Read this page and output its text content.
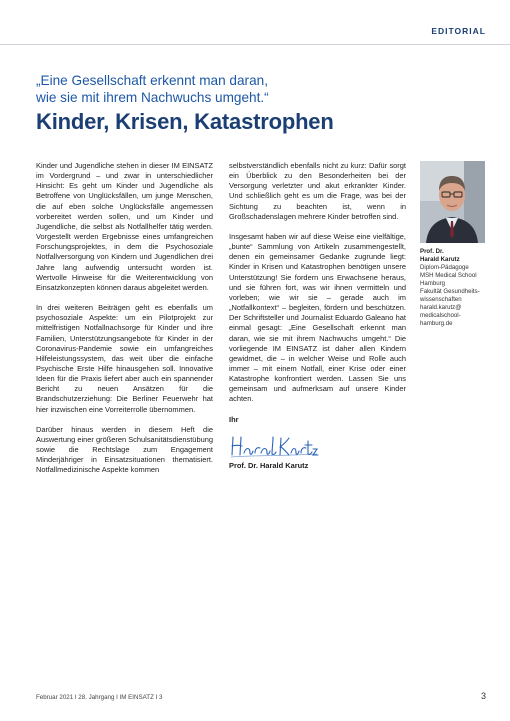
EDITORIAL
„Eine Gesellschaft erkennt man daran,
wie sie mit ihrem Nachwuchs umgeht.“
Kinder, Krisen, Katastrophen

Kinder und Jugendliche stehen in dieser IM EINSATZ im Vordergrund – und zwar in unterschiedlicher Hinsicht: Es geht um Kinder und Jugendliche als Betroffene von Unglücksfällen, um junge Menschen, die auf eben solche Unglücksfälle angemessen vorbereitet werden sollen, und um Kinder und Jugendliche, die selbst als Notfallhelfer tätig werden. Vorgestellt werden Ergebnisse eines umfangreichen Forschungsprojektes, in dem die Psychosoziale Notfallversorgung von Kindern und Jugendlichen drei Jahre lang aufwendig untersucht worden ist. Wertvolle Hinweise für die Weiterentwicklung von Einsatzkonzepten können daraus abgeleitet werden.

In drei weiteren Beiträgen geht es ebenfalls um psychosoziale Aspekte: um ein Pilotprojekt zur mittelfristigen Notfallnachsorge für Kinder und ihre Familien, Unterstützungsangebote für Kinder in der Coronavirus-Pandemie sowie ein umfangreiches Hilfeleistungssystem, das weit über die einfache Psychische Erste Hilfe hinausgehen soll. Innovative Ideen für die Praxis liefert aber auch ein spannender Bericht zu neuen Ansätzen für die Brandschutzerziehung: Die Berliner Feuerwehr hat hier inzwischen eine Vorreiterrolle übernommen.

Darüber hinaus werden in diesem Heft die Auswertung einer größeren Schulsanitätsdienstübung sowie die Rechtslage zum Engagement Minderjähriger in Einsatzsituationen thematisiert. Notfallmedizinische Aspekte kommen

selbstverständlich ebenfalls nicht zu kurz: Dafür sorgt ein Überblick zu den Besonderheiten bei der Versorgung verletzter und akut erkrankter Kinder. Und schließlich geht es um die Frage, was bei der Sichtung zu beachten ist, wenn in Großschadenslagen mehrere Kinder betroffen sind.

Insgesamt haben wir auf diese Weise eine vielfältige, „bunte“ Sammlung von Artikeln zusammengestellt, denen ein gemeinsamer Gedanke zugrunde liegt: Kinder in Krisen und Katastrophen benötigen unsere Unterstützung! Sie fordern uns Erwachsene heraus, und sie führen fort, was wir ihnen vermitteln und vorleben; wie wir sie – gerade auch im „Notfallkontext“ – begleiten, fördern und beschützen. Der Schriftsteller und Journalist Eduardo Galeano hat einmal gesagt: „Eine Gesellschaft erkennt man daran, wie sie mit ihrem Nachwuchs umgeht.“ Die vorliegende IM EINSATZ ist daher allen Kindern gewidmet, die – in welcher Weise und Rolle auch immer – mit einem Notfall, einer Krise oder einer Katastrophe konfrontiert werden. Lassen Sie uns gemeinsam und aufmerksam auf unsere Kinder achten.

Ihr

Prof. Dr. Harald Karutz

Prof. Dr.
Harald Karutz
Diplom-Pädagoge
MSH Medical School
Hamburg
Fakultät Gesundheits-
wissenschaften
harald.karutz@
medicalschool-
hamburg.de
Februar 2021 I 28. Jahrgang I IM EINSATZ I 3	3
